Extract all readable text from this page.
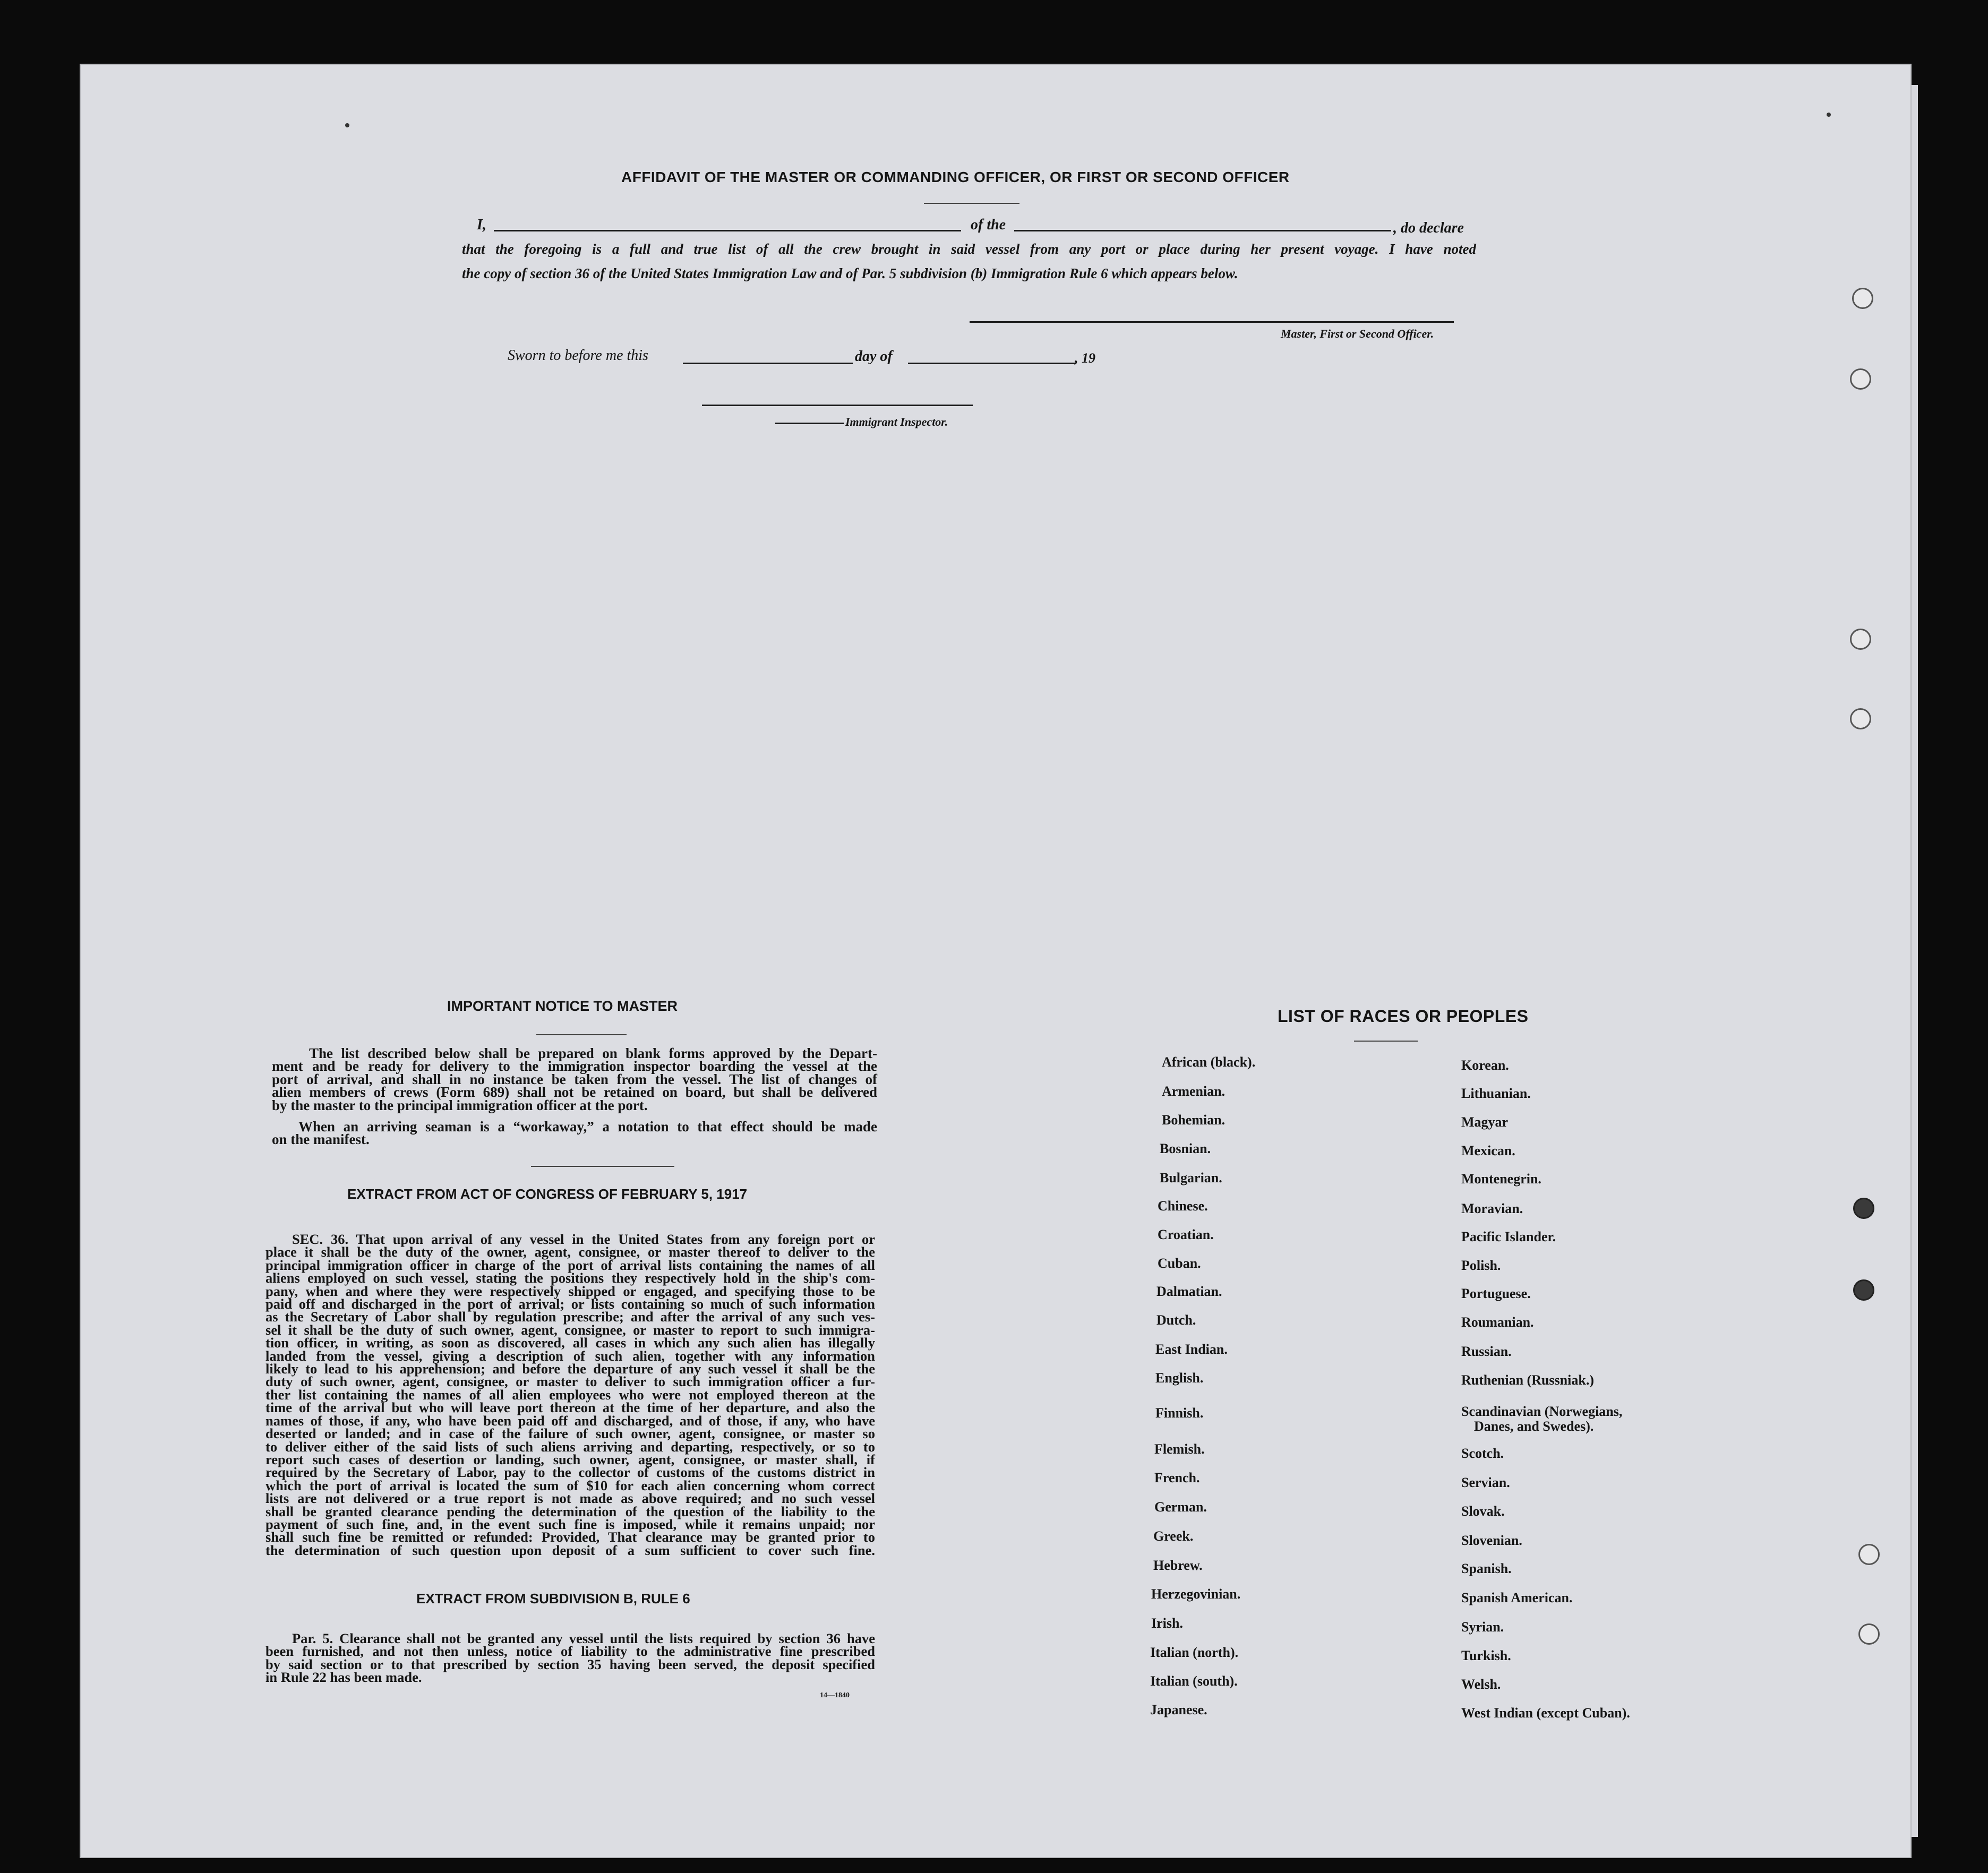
AFFIDAVIT OF THE MASTER OR COMMANDING OFFICER, OR FIRST OR SECOND OFFICER
I,	of the	, do declare
that the foregoing is a full and true list of all the crew brought in said vessel from any port or place during her present voyage. I have noted
the copy of section 36 of the United States Immigration Law and of Par. 5 subdivision (b) Immigration Rule 6 which appears below.
Master, First or Second Officer.
Sworn to before me this	day of	, 19
Immigrant Inspector.
IMPORTANT NOTICE TO MASTER
The list described below shall be prepared on blank forms approved by the Depart-
ment and be ready for delivery to the immigration inspector boarding the vessel at the
port of arrival, and shall in no instance be taken from the vessel. The list of changes of
alien members of crews (Form 689) shall not be retained on board, but shall be delivered
by the master to the principal immigration officer at the port.
When an arriving seaman is a “workaway,” a notation to that effect should be made
on the manifest.
EXTRACT FROM ACT OF CONGRESS OF FEBRUARY 5, 1917
SEC. 36. That upon arrival of any vessel in the United States from any foreign port or
place it shall be the duty of the owner, agent, consignee, or master thereof to deliver to the
principal immigration officer in charge of the port of arrival lists containing the names of all
aliens employed on such vessel, stating the positions they respectively hold in the ship's com-
pany, when and where they were respectively shipped or engaged, and specifying those to be
paid off and discharged in the port of arrival; or lists containing so much of such information
as the Secretary of Labor shall by regulation prescribe; and after the arrival of any such ves-
sel it shall be the duty of such owner, agent, consignee, or master to report to such immigra-
tion officer, in writing, as soon as discovered, all cases in which any such alien has illegally
landed from the vessel, giving a description of such alien, together with any information
likely to lead to his apprehension; and before the departure of any such vessel it shall be the
duty of such owner, agent, consignee, or master to deliver to such immigration officer a fur-
ther list containing the names of all alien employees who were not employed thereon at the
time of the arrival but who will leave port thereon at the time of her departure, and also the
names of those, if any, who have been paid off and discharged, and of those, if any, who have
deserted or landed; and in case of the failure of such owner, agent, consignee, or master so
to deliver either of the said lists of such aliens arriving and departing, respectively, or so to
report such cases of desertion or landing, such owner, agent, consignee, or master shall, if
required by the Secretary of Labor, pay to the collector of customs of the customs district in
which the port of arrival is located the sum of $10 for each alien concerning whom correct
lists are not delivered or a true report is not made as above required; and no such vessel
shall be granted clearance pending the determination of the question of the liability to the
payment of such fine, and, in the event such fine is imposed, while it remains unpaid; nor
shall such fine be remitted or refunded: Provided, That clearance may be granted prior to
the determination of such question upon deposit of a sum sufficient to cover such fine.
EXTRACT FROM SUBDIVISION B, RULE 6
Par. 5. Clearance shall not be granted any vessel until the lists required by section 36 have
been furnished, and not then unless, notice of liability to the administrative fine prescribed
by said section or to that prescribed by section 35 having been served, the deposit specified
in Rule 22 has been made.
14—1840
LIST OF RACES OR PEOPLES
African (black).
Armenian.
Bohemian.
Bosnian.
Bulgarian.
Chinese.
Croatian.
Cuban.
Dalmatian.
Dutch.
East Indian.
English.
Finnish.
Flemish.
French.
German.
Greek.
Hebrew.
Herzegovinian.
Irish.
Italian (north).
Italian (south).
Japanese.
Korean.
Lithuanian.
Magyar
Mexican.
Montenegrin.
Moravian.
Pacific Islander.
Polish.
Portuguese.
Roumanian.
Russian.
Ruthenian (Russniak.)
Scandinavian (Norwegians,
Danes, and Swedes).
Scotch.
Servian.
Slovak.
Slovenian.
Spanish.
Spanish American.
Syrian.
Turkish.
Welsh.
West Indian (except Cuban).
